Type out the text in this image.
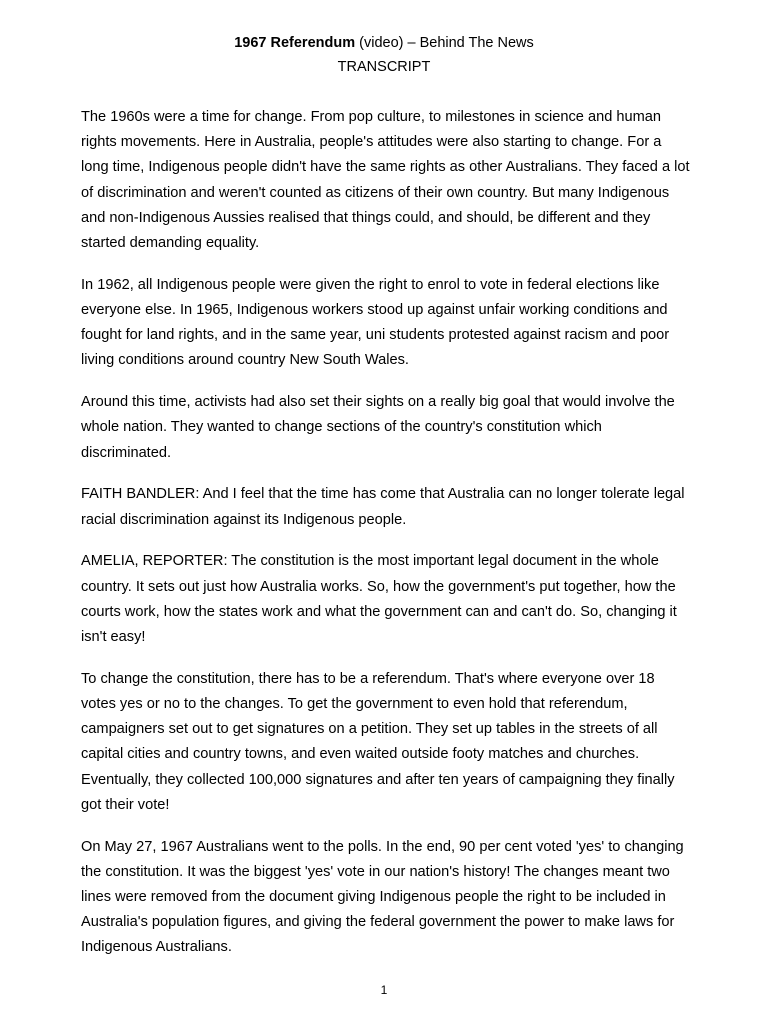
1967 Referendum (video) – Behind The News
TRANSCRIPT

The 1960s were a time for change. From pop culture, to milestones in science and human rights movements. Here in Australia, people's attitudes were also starting to change. For a long time, Indigenous people didn't have the same rights as other Australians. They faced a lot of discrimination and weren't counted as citizens of their own country. But many Indigenous and non-Indigenous Aussies realised that things could, and should, be different and they started demanding equality.

In 1962, all Indigenous people were given the right to enrol to vote in federal elections like everyone else. In 1965, Indigenous workers stood up against unfair working conditions and fought for land rights, and in the same year, uni students protested against racism and poor living conditions around country New South Wales.

Around this time, activists had also set their sights on a really big goal that would involve the whole nation. They wanted to change sections of the country's constitution which discriminated.

FAITH BANDLER: And I feel that the time has come that Australia can no longer tolerate legal racial discrimination against its Indigenous people.

AMELIA, REPORTER: The constitution is the most important legal document in the whole country. It sets out just how Australia works. So, how the government's put together, how the courts work, how the states work and what the government can and can't do. So, changing it isn't easy!

To change the constitution, there has to be a referendum. That's where everyone over 18 votes yes or no to the changes. To get the government to even hold that referendum, campaigners set out to get signatures on a petition. They set up tables in the streets of all capital cities and country towns, and even waited outside footy matches and churches. Eventually, they collected 100,000 signatures and after ten years of campaigning they finally got their vote!

On May 27, 1967 Australians went to the polls. In the end, 90 per cent voted 'yes' to changing the constitution. It was the biggest 'yes' vote in our nation's history! The changes meant two lines were removed from the document giving Indigenous people the right to be included in Australia's population figures, and giving the federal government the power to make laws for Indigenous Australians.

1
